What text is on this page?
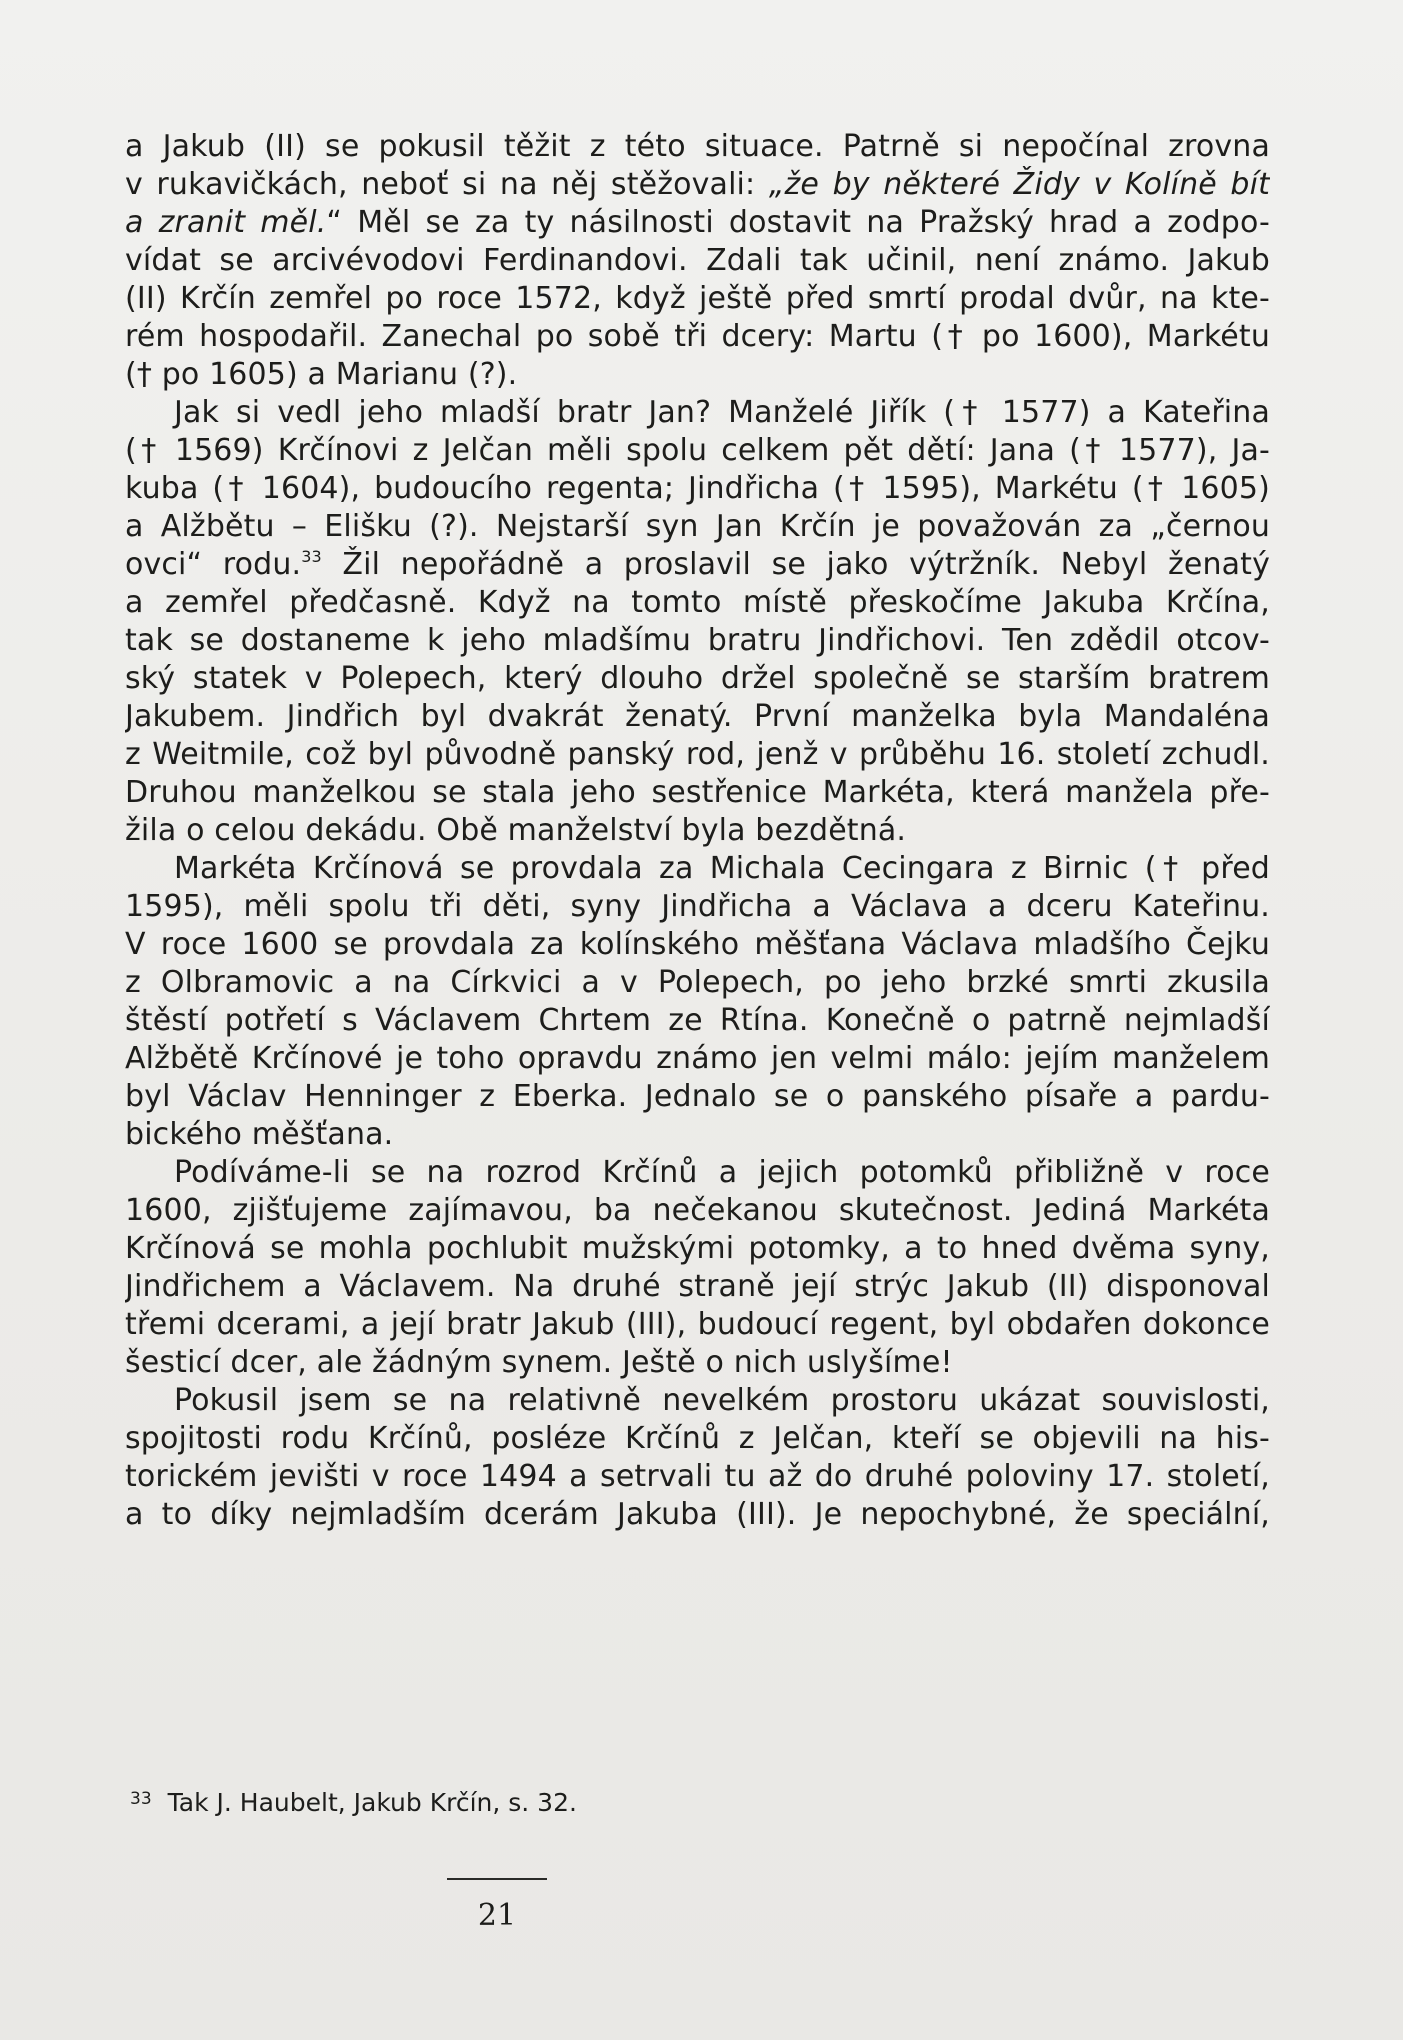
a Jakub (II) se pokusil těžit z této situace. Patrně si nepočínal zrovna
v rukavičkách, neboť si na něj stěžovali: „že by některé Židy v Kolíně bít
a zranit měl.“ Měl se za ty násilnosti dostavit na Pražský hrad a zodpo-
vídat se arcivévodovi Ferdinandovi. Zdali tak učinil, není známo. Jakub
(II) Krčín zemřel po roce 1572, když ještě před smrtí prodal dvůr, na kte-
rém hospodařil. Zanechal po sobě tři dcery: Martu († po 1600), Markétu
(† po 1605) a Marianu (?).
Jak si vedl jeho mladší bratr Jan? Manželé Jiřík († 1577) a Kateřina
(† 1569) Krčínovi z Jelčan měli spolu celkem pět dětí: Jana († 1577), Ja-
kuba († 1604), budoucího regenta; Jindřicha († 1595), Markétu († 1605)
a Alžbětu – Elišku (?). Nejstarší syn Jan Krčín je považován za „černou
ovci“ rodu.$^{33}$ Žil nepořádně a proslavil se jako výtržník. Nebyl ženatý
a zemřel předčasně. Když na tomto místě přeskočíme Jakuba Krčína,
tak se dostaneme k jeho mladšímu bratru Jindřichovi. Ten zdědil otcov-
ský statek v Polepech, který dlouho držel společně se starším bratrem
Jakubem. Jindřich byl dvakrát ženatý. První manželka byla Mandaléna
z Weitmile, což byl původně panský rod, jenž v průběhu 16. století zchudl.
Druhou manželkou se stala jeho sestřenice Markéta, která manžela pře-
žila o celou dekádu. Obě manželství byla bezdětná.
Markéta Krčínová se provdala za Michala Cecingara z Birnic († před
1595), měli spolu tři děti, syny Jindřicha a Václava a dceru Kateřinu.
V roce 1600 se provdala za kolínského měšťana Václava mladšího Čejku
z Olbramovic a na Církvici a v Polepech, po jeho brzké smrti zkusila
štěstí potřetí s Václavem Chrtem ze Rtína. Konečně o patrně nejmladší
Alžbětě Krčínové je toho opravdu známo jen velmi málo: jejím manželem
byl Václav Henninger z Eberka. Jednalo se o panského písaře a pardu-
bického měšťana.
Podíváme-li se na rozrod Krčínů a jejich potomků přibližně v roce
1600, zjišťujeme zajímavou, ba nečekanou skutečnost. Jediná Markéta
Krčínová se mohla pochlubit mužskými potomky, a to hned dvěma syny,
Jindřichem a Václavem. Na druhé straně její strýc Jakub (II) disponoval
třemi dcerami, a její bratr Jakub (III), budoucí regent, byl obdařen dokonce
šesticí dcer, ale žádným synem. Ještě o nich uslyšíme!
Pokusil jsem se na relativně nevelkém prostoru ukázat souvislosti,
spojitosti rodu Krčínů, posléze Krčínů z Jelčan, kteří se objevili na his-
torickém jevišti v roce 1494 a setrvali tu až do druhé poloviny 17. století,
a to díky nejmladším dcerám Jakuba (III). Je nepochybné, že speciální,
$^{33}$ Tak J. Haubelt, Jakub Krčín, s. 32.
21
